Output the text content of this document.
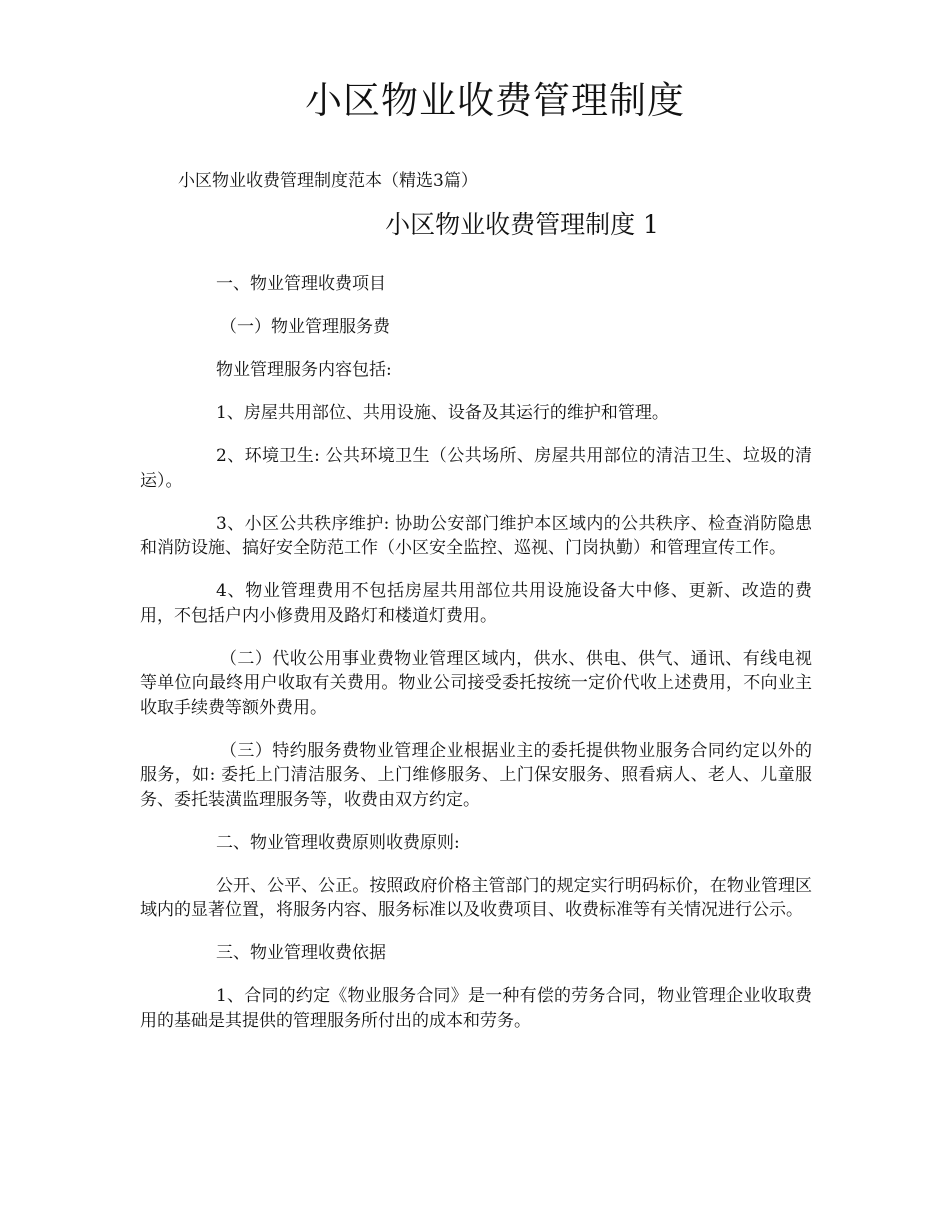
小区物业收费管理制度

小区物业收费管理制度范本（精选3篇）

小区物业收费管理制度 1

一、物业管理收费项目

（一）物业管理服务费

物业管理服务内容包括:

1、房屋共用部位、共用设施、设备及其运行的维护和管理。

2、环境卫生: 公共环境卫生（公共场所、房屋共用部位的清洁卫生、垃圾的清运）。

3、小区公共秩序维护: 协助公安部门维护本区域内的公共秩序、检查消防隐患和消防设施、搞好安全防范工作（小区安全监控、巡视、门岗执勤）和管理宣传工作。

4、物业管理费用不包括房屋共用部位共用设施设备大中修、更新、改造的费用，不包括户内小修费用及路灯和楼道灯费用。

（二）代收公用事业费物业管理区域内，供水、供电、供气、通讯、有线电视等单位向最终用户收取有关费用。物业公司接受委托按统一定价代收上述费用，不向业主收取手续费等额外费用。

（三）特约服务费物业管理企业根据业主的委托提供物业服务合同约定以外的服务，如: 委托上门清洁服务、上门维修服务、上门保安服务、照看病人、老人、儿童服务、委托装潢监理服务等，收费由双方约定。

二、物业管理收费原则收费原则:

公开、公平、公正。按照政府价格主管部门的规定实行明码标价，在物业管理区域内的显著位置，将服务内容、服务标准以及收费项目、收费标准等有关情况进行公示。

三、物业管理收费依据

1、合同的约定《物业服务合同》是一种有偿的劳务合同，物业管理企业收取费用的基础是其提供的管理服务所付出的成本和劳务。
